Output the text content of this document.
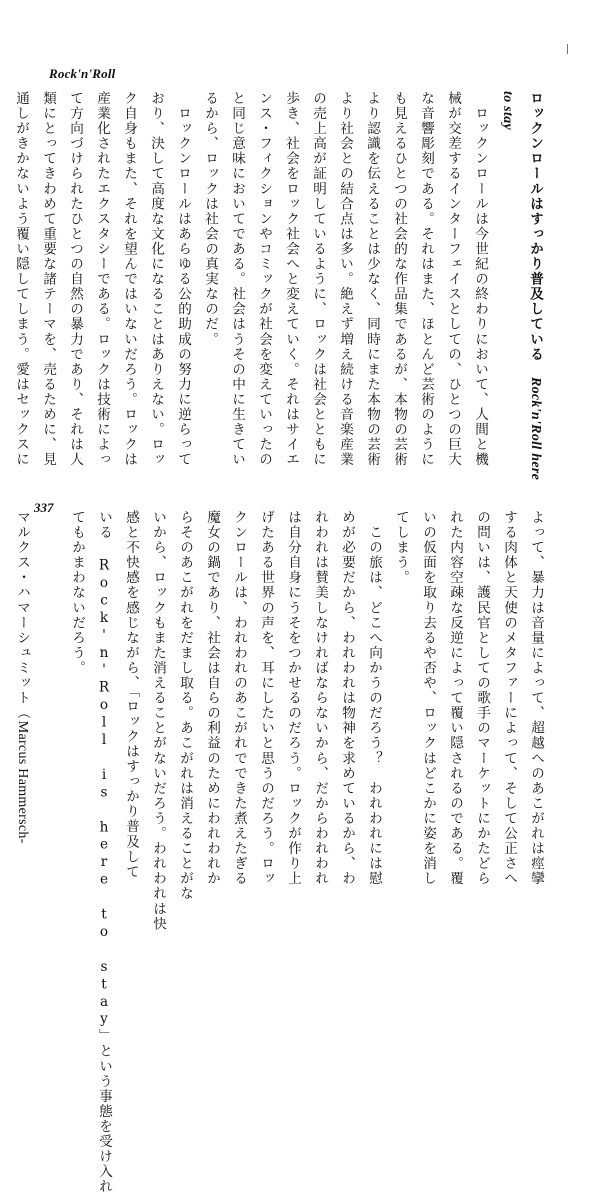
Rock'n'Roll
337
ロックンロールはすっかり普及している　Rock'n'Roll here
to stay
　ロックンロールは今世紀の終わりにおいて、人間と機
械が交差するインターフェイスとしての、ひとつの巨大
な音響彫刻である。それはまた、ほとんど芸術のように
も見えるひとつの社会的な作品集であるが、本物の芸術
より認識を伝えることは少なく、同時にまた本物の芸術
より社会との結合点は多い。絶えず増え続ける音楽産業
の売上高が証明しているように、ロックは社会とともに
歩き、社会をロック社会へと変えていく。それはサイエ
ンス・フィクションやコミックが社会を変えていったの
と同じ意味においてである。社会はうその中に生きてい
るから、ロックは社会の真実なのだ。
　ロックンロールはあらゆる公的助成の努力に逆らって
おり、決して高度な文化になることはありえない。ロッ
ク自身もまた、それを望んではいないだろう。ロックは
産業化されたエクスタシーである。ロックは技術によっ
て方向づけられたひとつの自然の暴力であり、それは人
類にとってきわめて重要な諸テーマを、売るために、見
通しがきかないよう覆い隠してしまう。愛はセックスに
よって、暴力は音量によって、超越へのあこがれは痙攣
する肉体と天使のメタファーによって、そして公正さへ
の問いは、護民官としての歌手のマーケットにかたどら
れた内容空疎な反逆によって覆い隠されるのである。覆
いの仮面を取り去るや否や、ロックはどこかに姿を消し
てしまう。
　この旅は、どこへ向かうのだろう？　われわれには慰
めが必要だから、われわれは物神を求めているから、わ
れわれは賛美しなければならないから、だからわれわれ
は自分自身にうそをつかせるのだろう。ロックが作り上
げたある世界の声を、耳にしたいと思うのだろう。ロッ
クンロールは、われわれのあこがれでできた煮えたぎる
魔女の鍋であり、社会は自らの利益のためにわれわれか
らそのあこがれをだまし取る。あこがれは消えることがな
いから、ロックもまた消えることがないだろう。われわれは快
感と不快感を感じながら、「ロックはすっかり普及して
いる Rock'n'Roll is here to stay」という事態を受け入れ
てもかまわないだろう。

マルクス・ハマーシュミット（Marcus Hammersch-
